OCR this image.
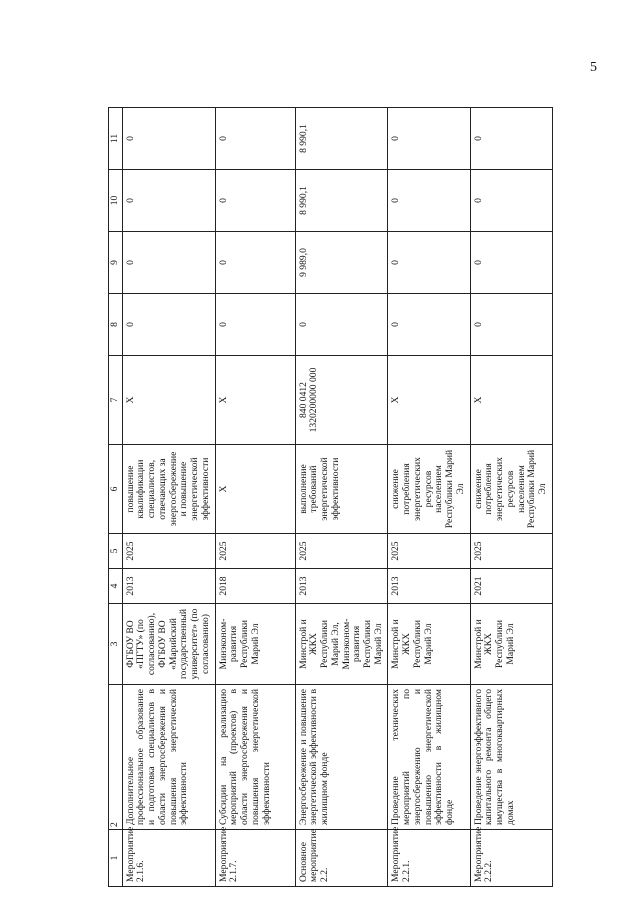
5
1	2	3	4	5	6	7	8	9	10	11
Мероприятие 2.1.6.	Дополнительное профессиональное образование и подготовка специалистов в области энергосбережения и повышения энергетической эффективности	ФГБОУ ВО «ПГТУ» (по согласованию), ФГБОУ ВО «Марийский государственный университет» (по согласованию)	2013	2025	повышение квалификации специалистов, отвечающих за энергосбережение и повышение энергетической эффективности	Х	0	0	0	0
Мероприятие 2.1.7.	Субсидии на реализацию мероприятий (проектов) в области энергосбережения и повышения энергетической эффективности	Минэконом-развития Республики Марий Эл	2018	2025	Х	Х	0	0	0	0
Основное мероприятие 2.2.	Энергосбережение и повышение энергетической эффективности в жилищном фонде	Минстрой и ЖКХ Республики Марий Эл, Минэконом-развития Республики Марий Эл	2013	2025	выполнение требований энергетической эффективности	840 0412 1320200000 000	0	9 989,0	8 990,1	8 990,1
Мероприятие 2.2.1.	Проведение технических мероприятий по энергосбережению и повышению энергетической эффективности в жилищном фонде	Минстрой и ЖКХ Республики Марий Эл	2013	2025	снижение потребления энергетических ресурсов населением Республики Марий Эл	Х	0	0	0	0
Мероприятие 2.2.2.	Проведение энергоэффективного капитального ремонта общего имущества в многоквартирных домах	Минстрой и ЖКХ Республики Марий Эл	2021	2025	снижение потребления энергетических ресурсов населением Республики Марий Эл	Х	0	0	0	0
